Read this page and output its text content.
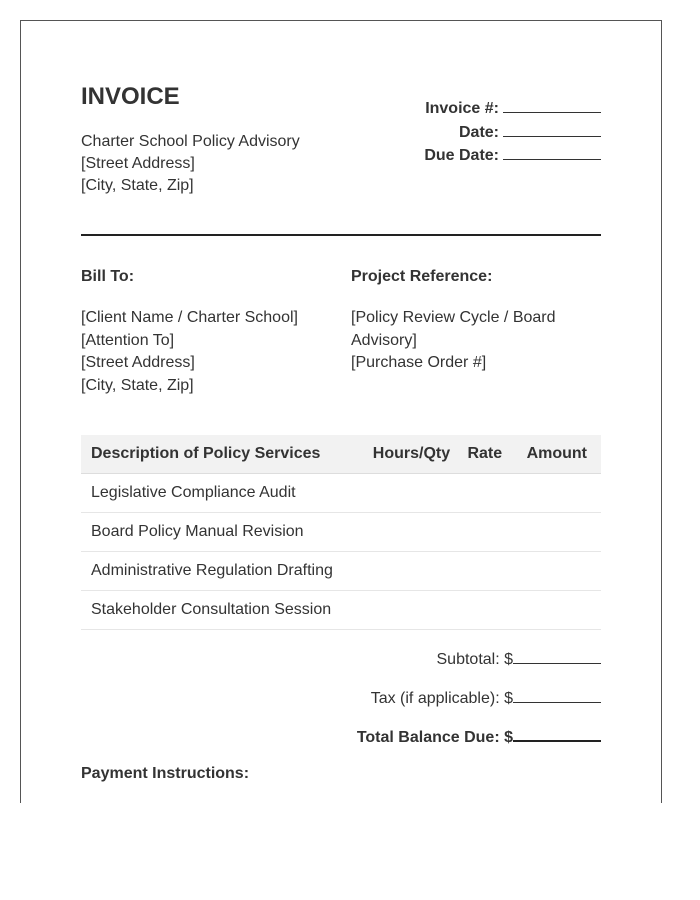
INVOICE
Charter School Policy Advisory
[Street Address]
[City, State, Zip]
Invoice #:
Date:
Due Date:
Bill To:
[Client Name / Charter School]
[Attention To]
[Street Address]
[City, State, Zip]
Project Reference:
[Policy Review Cycle / Board Advisory]
[Purchase Order #]
Description of Policy Services	Hours/Qty	Rate	Amount
Legislative Compliance Audit			
Board Policy Manual Revision			
Administrative Regulation Drafting			
Stakeholder Consultation Session			
Subtotal: $
Tax (if applicable): $
Total Balance Due: $
Payment Instructions:
